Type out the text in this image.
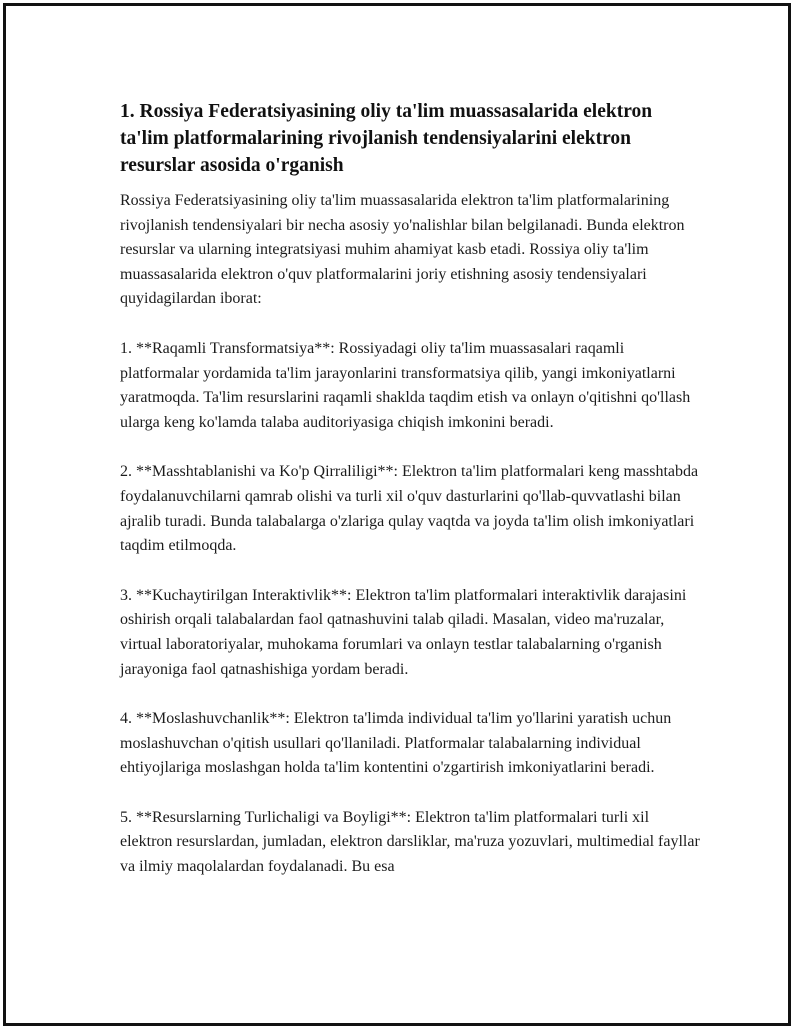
1. Rossiya Federatsiyasining oliy ta'lim muassasalarida elektron ta'lim platformalarining rivojlanish tendensiyalarini elektron resurslar asosida o'rganish

Rossiya Federatsiyasining oliy ta'lim muassasalarida elektron ta'lim platformalarining rivojlanish tendensiyalari bir necha asosiy yo'nalishlar bilan belgilanadi. Bunda elektron resurslar va ularning integratsiyasi muhim ahamiyat kasb etadi. Rossiya oliy ta'lim muassasalarida elektron o'quv platformalarini joriy etishning asosiy tendensiyalari quyidagilardan iborat:

1. **Raqamli Transformatsiya**: Rossiyadagi oliy ta'lim muassasalari raqamli platformalar yordamida ta'lim jarayonlarini transformatsiya qilib, yangi imkoniyatlarni yaratmoqda. Ta'lim resurslarini raqamli shaklda taqdim etish va onlayn o'qitishni qo'llash ularga keng ko'lamda talaba auditoriyasiga chiqish imkonini beradi.

2. **Masshtablanishi va Ko'p Qirraliligi**: Elektron ta'lim platformalari keng masshtabda foydalanuvchilarni qamrab olishi va turli xil o'quv dasturlarini qo'llab-quvvatlashi bilan ajralib turadi. Bunda talabalarga o'zlariga qulay vaqtda va joyda ta'lim olish imkoniyatlari taqdim etilmoqda.

3. **Kuchaytirilgan Interaktivlik**: Elektron ta'lim platformalari interaktivlik darajasini oshirish orqali talabalardan faol qatnashuvini talab qiladi. Masalan, video ma'ruzalar, virtual laboratoriyalar, muhokama forumlari va onlayn testlar talabalarning o'rganish jarayoniga faol qatnashishiga yordam beradi.

4. **Moslashuvchanlik**: Elektron ta'limda individual ta'lim yo'llarini yaratish uchun moslashuvchan o'qitish usullari qo'llaniladi. Platformalar talabalarning individual ehtiyojlariga moslashgan holda ta'lim kontentini o'zgartirish imkoniyatlarini beradi.

5. **Resurslarning Turlichaligi va Boyligi**: Elektron ta'lim platformalari turli xil elektron resurslardan, jumladan, elektron darsliklar, ma'ruza yozuvlari, multimedial fayllar va ilmiy maqolalardan foydalanadi. Bu esa
